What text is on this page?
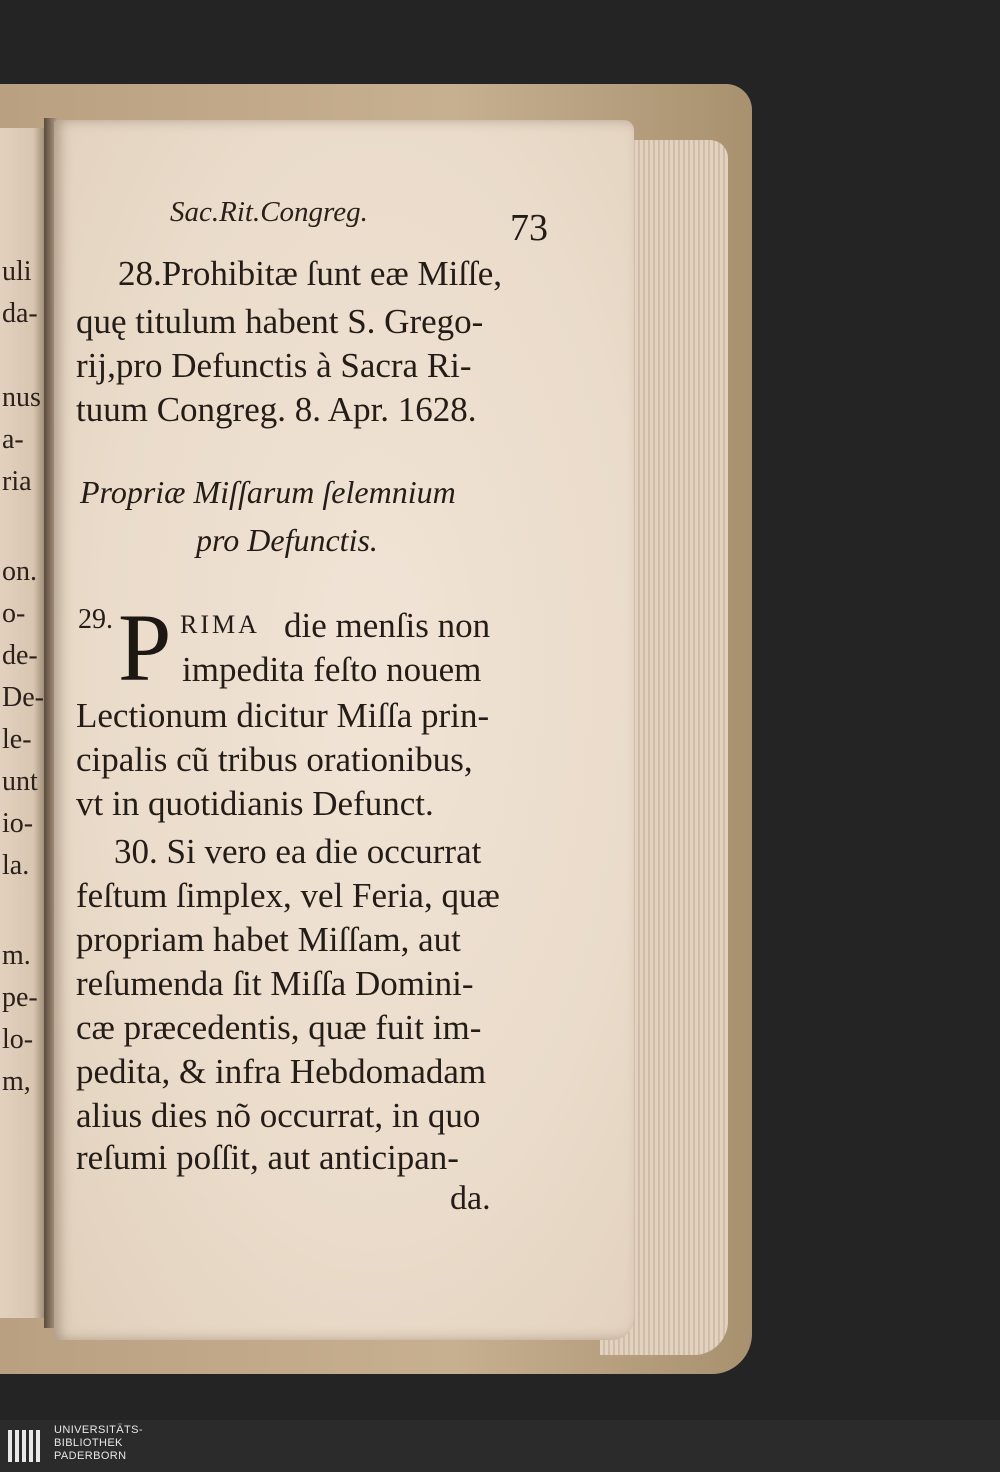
uli
da-
nus
a-
ria
on.
o-
de-
De-
le-
unt
io-
la.
m.
pe-
lo-
m,
Sac.Rit.Congreg.	73
28.Prohibitæ ſunt eæ Miſſe,
quę titulum habent S. Grego-
rij,pro Defunctis à Sacra Ri-
tuum Congreg. 8. Apr. 1628.
Propriæ Miſſarum ſelemnium
pro Defunctis.
29. P RIMA die menſis non
impedita feſto nouem
Lectionum dicitur Miſſa prin-
cipalis cũ tribus orationibus,
vt in quotidianis Defunct.
30. Si vero ea die occurrat
feſtum ſimplex, vel Feria, quæ
propriam habet Miſſam, aut
reſumenda ſit Miſſa Domini-
cæ præcedentis, quæ fuit im-
pedita, & infra Hebdomadam
alius dies nõ occurrat, in quo
reſumi poſſit, aut anticipan-
da.
UNIVERSITÄTS-
BIBLIOTHEK
PADERBORN
